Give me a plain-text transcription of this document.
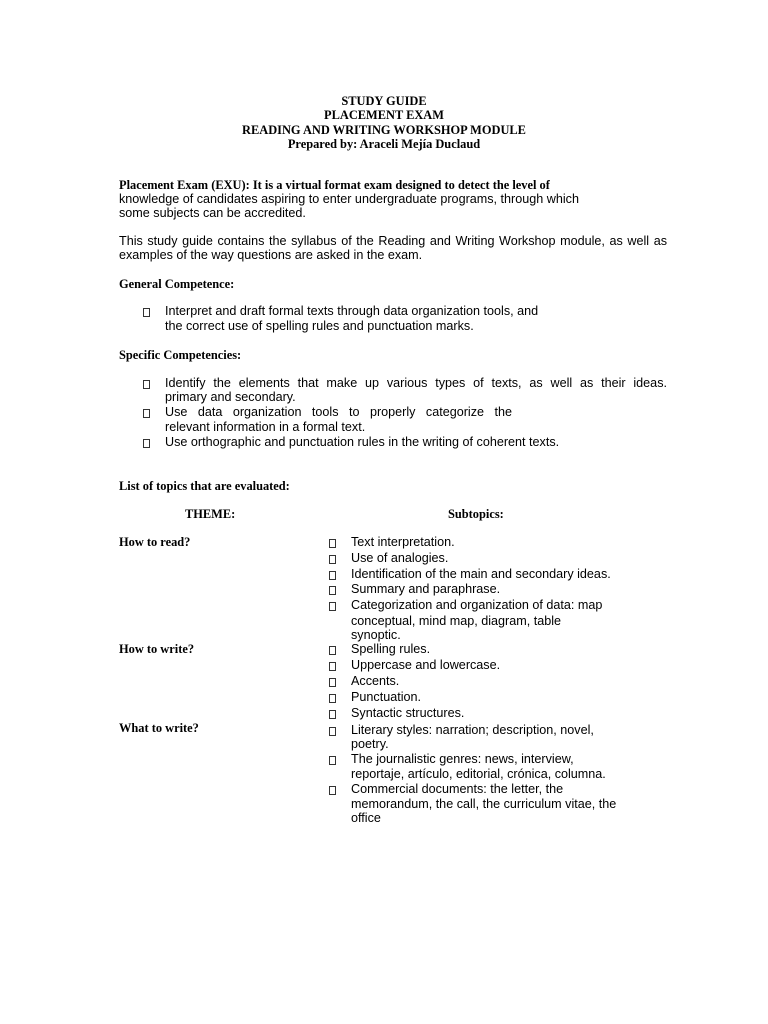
STUDY GUIDE
PLACEMENT EXAM
READING AND WRITING WORKSHOP MODULE
Prepared by: Araceli Mejía Duclaud
Placement Exam (EXU): It is a virtual format exam designed to detect the level of
knowledge of candidates aspiring to enter undergraduate programs, through which
some subjects can be accredited.
This study guide contains the syllabus of the Reading and Writing Workshop module, as well as
examples of the way questions are asked in the exam.
General Competence:
Interpret and draft formal texts through data organization tools, and
the correct use of spelling rules and punctuation marks.
Specific Competencies:
Identify the elements that make up various types of texts, as well as their ideas.
primary and secondary.
Use data organization tools to properly categorize the
relevant information in a formal text.
Use orthographic and punctuation rules in the writing of coherent texts.
List of topics that are evaluated:
THEME:	Subtopics:
How to read?	Text interpretation.
Use of analogies.
Identification of the main and secondary ideas.
Summary and paraphrase.
Categorization and organization of data: map
conceptual, mind map, diagram, table
synoptic.
How to write?	Spelling rules.
Uppercase and lowercase.
Accents.
Punctuation.
Syntactic structures.
What to write?	Literary styles: narration; description, novel,
poetry.
The journalistic genres: news, interview,
reportaje, artículo, editorial, crónica, columna.
Commercial documents: the letter, the
memorandum, the call, the curriculum vitae, the
office
